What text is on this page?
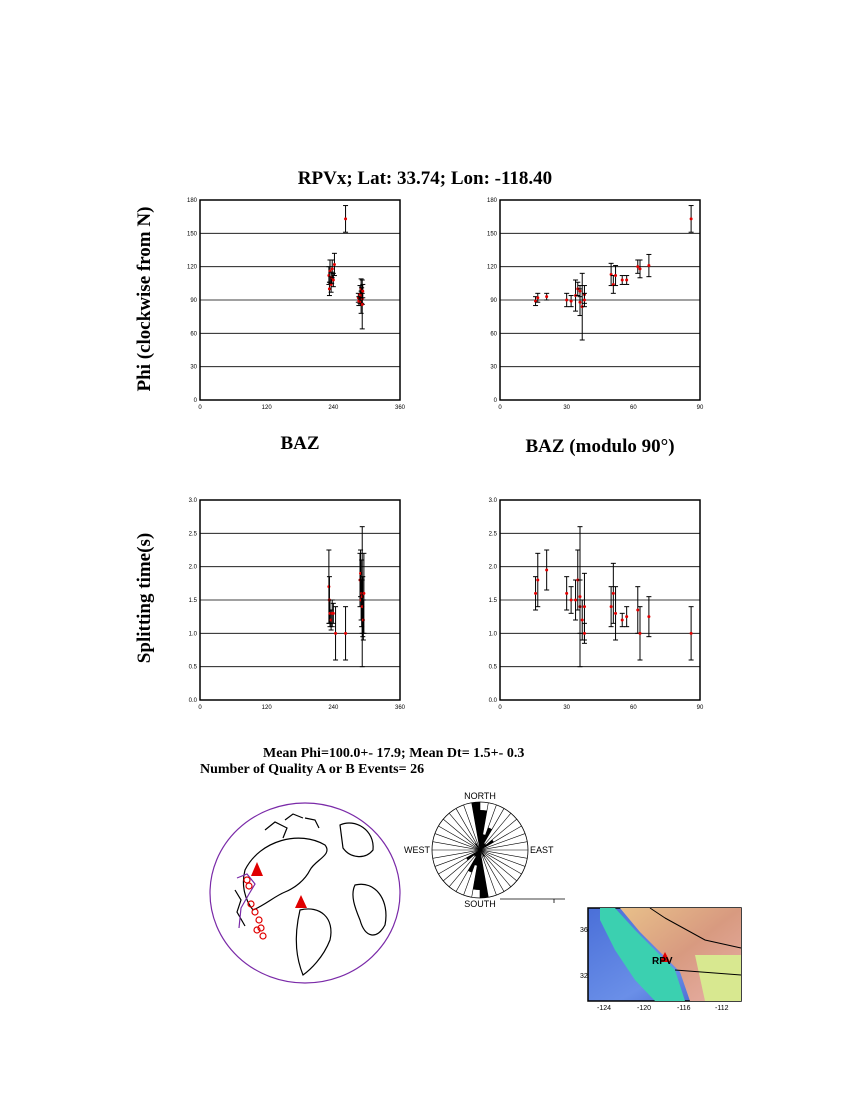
RPVx; Lat: 33.74; Lon: -118.40
Phi (clockwise from N)
Splitting time(s)
BAZ	BAZ (modulo 90°)
0
30
60
90
120
150
180
0	120	240	360
0
30
60
90
120
150
180
0	30	60	90
0.0
0.5
1.0
1.5
2.0
2.5
3.0
0	120	240	360
0.0
0.5
1.0
1.5
2.0
2.5
3.0
0	30	60	90
Mean Phi=100.0+- 17.9; Mean Dt= 1.5+- 0.3
Number of Quality A or B Events= 26
NORTH
SOUTH
EAST
WEST
RPV
36
32
-124	-120	-116	-112
